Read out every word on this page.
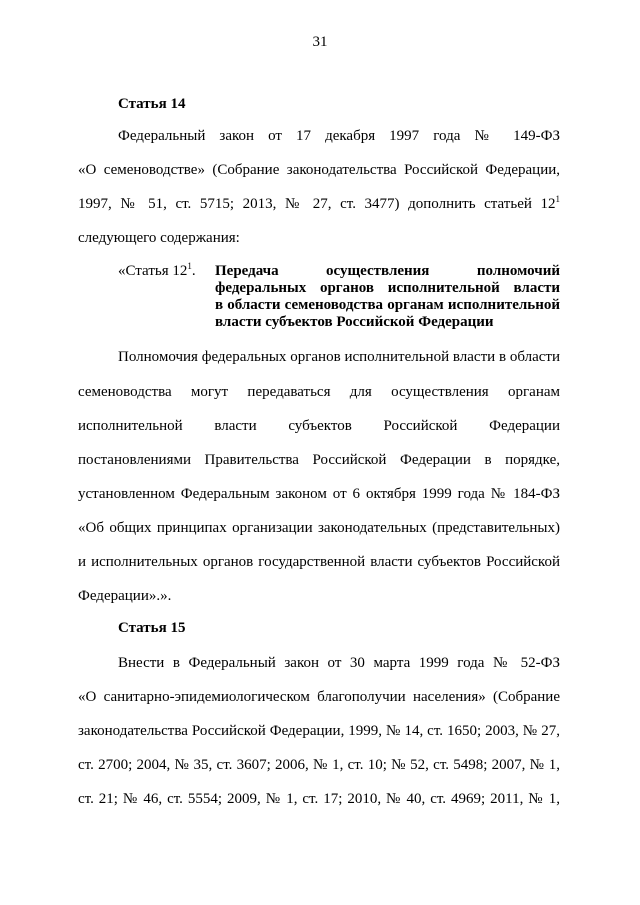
31
Статья 14
Федеральный закон от 17 декабря 1997 года № 149-ФЗ
«О семеноводстве» (Собрание законодательства Российской Федерации,
1997, № 51, ст. 5715; 2013, № 27, ст. 3477) дополнить статьей $12^1$
следующего содержания:
«Статья $12^1$. Передача осуществления полномочий
федеральных органов исполнительной власти
в области семеноводства органам исполнительной
власти субъектов Российской Федерации
Полномочия федеральных органов исполнительной власти в области
семеноводства могут передаваться для осуществления органам
исполнительной власти субъектов Российской Федерации
постановлениями Правительства Российской Федерации в порядке,
установленном Федеральным законом от 6 октября 1999 года № 184-ФЗ
«Об общих принципах организации законодательных (представительных)
и исполнительных органов государственной власти субъектов Российской
Федерации».».
Статья 15
Внести в Федеральный закон от 30 марта 1999 года № 52-ФЗ
«О санитарно-эпидемиологическом благополучии населения» (Собрание
законодательства Российской Федерации, 1999, № 14, ст. 1650; 2003, № 27,
ст. 2700; 2004, № 35, ст. 3607; 2006, № 1, ст. 10; № 52, ст. 5498; 2007, № 1,
ст. 21; № 46, ст. 5554; 2009, № 1, ст. 17; 2010, № 40, ст. 4969; 2011, № 1,
